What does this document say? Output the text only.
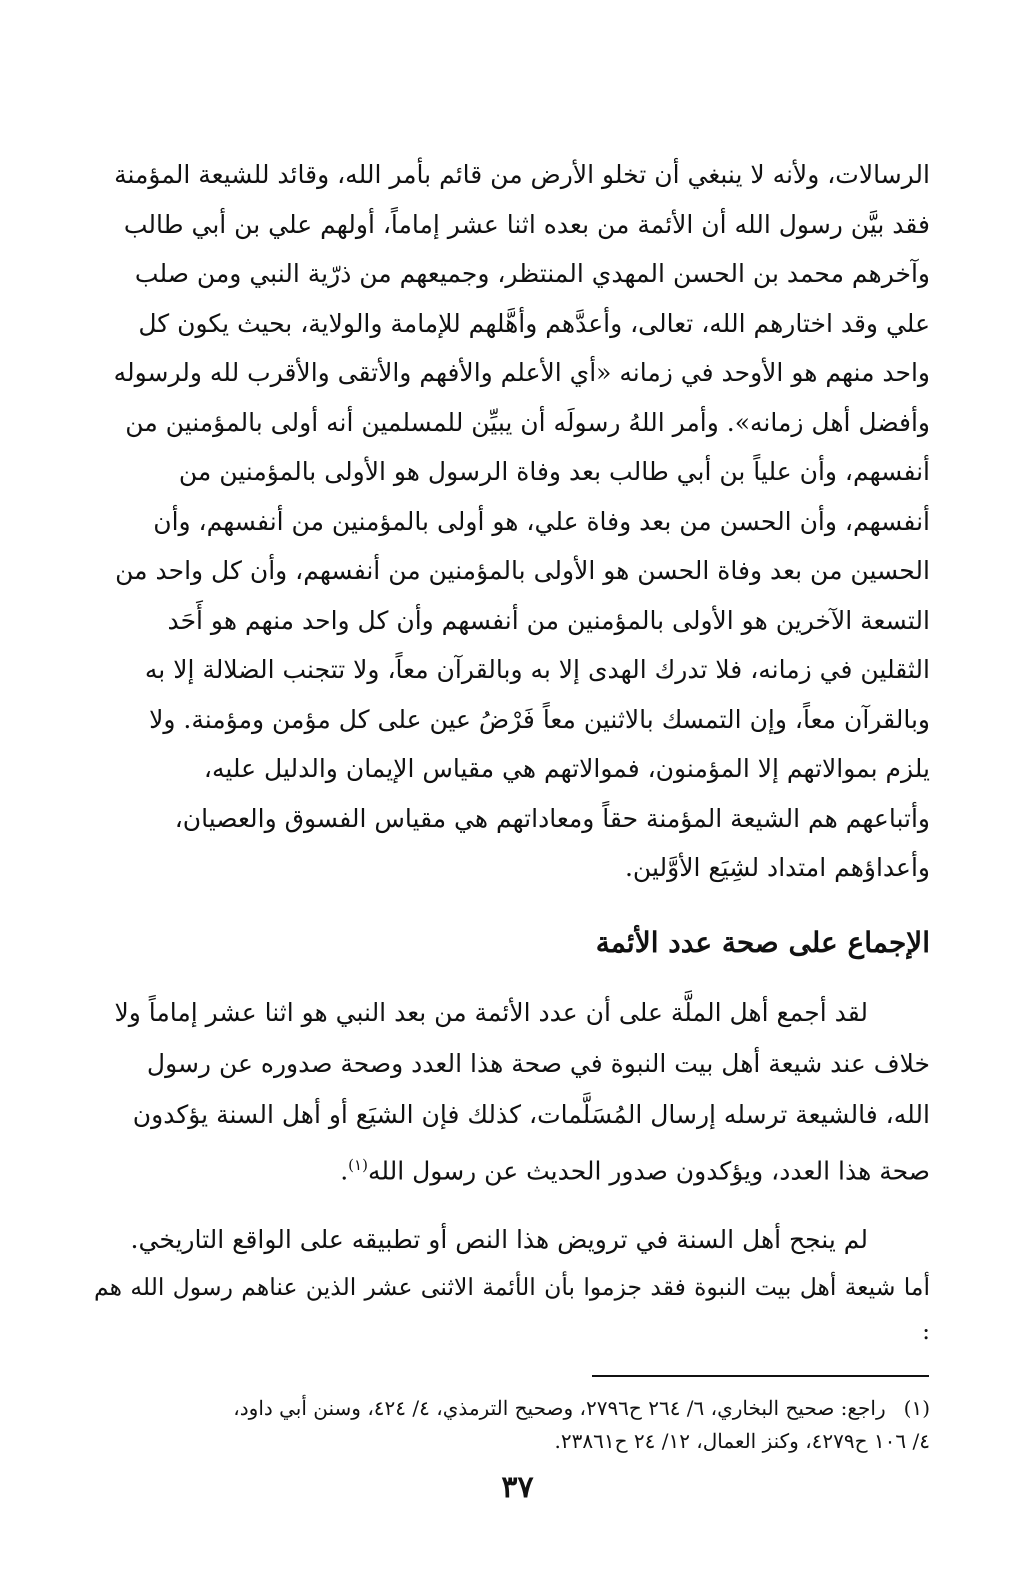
الرسالات، ولأنه لا ينبغي أن تخلو الأرض من قائم بأمر الله، وقائد للشيعة المؤمنة

فقد بيَّن رسول الله أن الأئمة من بعده اثنا عشر إماماً، أولهم علي بن أبي طالب

وآخرهم محمد بن الحسن المهدي المنتظر، وجميعهم من ذرّية النبي ومن صلب

علي وقد اختارهم الله، تعالى، وأعدَّهم وأهَّلهم للإمامة والولاية، بحيث يكون كل

واحد منهم هو الأوحد في زمانه «أي الأعلم والأفهم والأتقى والأقرب لله ولرسوله

وأفضل أهل زمانه». وأمر اللهُ رسولَه أن يبيِّن للمسلمين أنه أولى بالمؤمنين من

أنفسهم، وأن علياً بن أبي طالب بعد وفاة الرسول هو الأولى بالمؤمنين من

أنفسهم، وأن الحسن من بعد وفاة علي، هو أولى بالمؤمنين من أنفسهم، وأن

الحسين من بعد وفاة الحسن هو الأولى بالمؤمنين من أنفسهم، وأن كل واحد من

التسعة الآخرين هو الأولى بالمؤمنين من أنفسهم وأن كل واحد منهم هو أَحَد

الثقلين في زمانه، فلا تدرك الهدى إلا به وبالقرآن معاً، ولا تتجنب الضلالة إلا به

وبالقرآن معاً، وإن التمسك بالاثنين معاً فَرْضُ عين على كل مؤمن ومؤمنة. ولا

يلزم بموالاتهم إلا المؤمنون، فموالاتهم هي مقياس الإيمان والدليل عليه،

وأتباعهم هم الشيعة المؤمنة حقاً ومعاداتهم هي مقياس الفسوق والعصيان،

وأعداؤهم امتداد لشِيَع الأوَّلين.

الإجماع على صحة عدد الأئمة

لقد أجمع أهل الملَّة على أن عدد الأئمة من بعد النبي هو اثنا عشر إماماً ولا

خلاف عند شيعة أهل بيت النبوة في صحة هذا العدد وصحة صدوره عن رسول

الله، فالشيعة ترسله إرسال المُسَلَّمات، كذلك فإن الشيَع أو أهل السنة يؤكدون

صحة هذا العدد، ويؤكدون صدور الحديث عن رسول الله$^{(١)}$.

لم ينجح أهل السنة في ترويض هذا النص أو تطبيقه على الواقع التاريخي.

أما شيعة أهل بيت النبوة فقد جزموا بأن الأئمة الاثنى عشر الذين عناهم رسول الله هم :

(١)راجع: صحيح البخاري، ٦/ ٢٦٤ ح٢٧٩٦، وصحيح الترمذي، ٤/ ٤٢٤، وسنن أبي داود،
٤/ ١٠٦ ح٤٢٧٩، وكنز العمال، ١٢/ ٢٤ ح٢٣٨٦١.
٣٧
